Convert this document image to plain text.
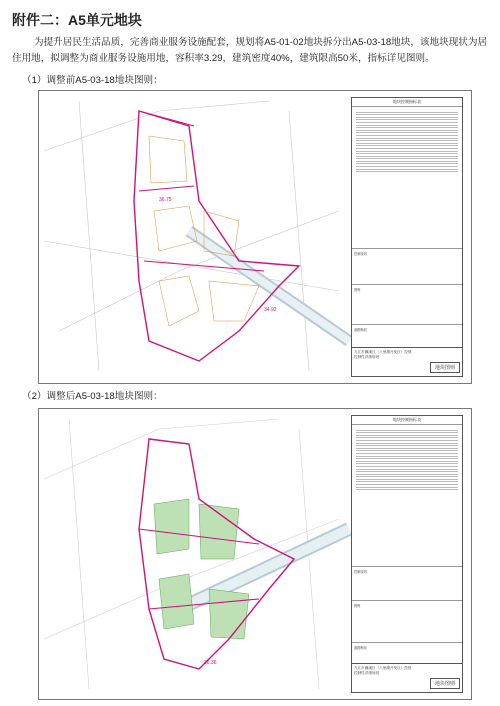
附件二：A5单元地块
为提升居民生活品质，完善商业服务设施配套，规划将A5-01-02地块拆分出A5-03-18地块，该地块现状为居住用地，拟调整为商业服务设施用地，容积率3.29，建筑密度40%，建筑限高50米，指标详见图则。
（1）调整前A5-03-18地块图则：
36.75
34.92
地块控制指标表
控制原则
图例
道路断面
九江市濂溪区（八里湖开发区）控规
控制性详细规划
地块图则
（2）调整后A5-03-18地块图则：
36.36
地块控制指标表
控制原则
图例
道路断面
九江市濂溪区（八里湖开发区）控规
控制性详细规划
地块图则
